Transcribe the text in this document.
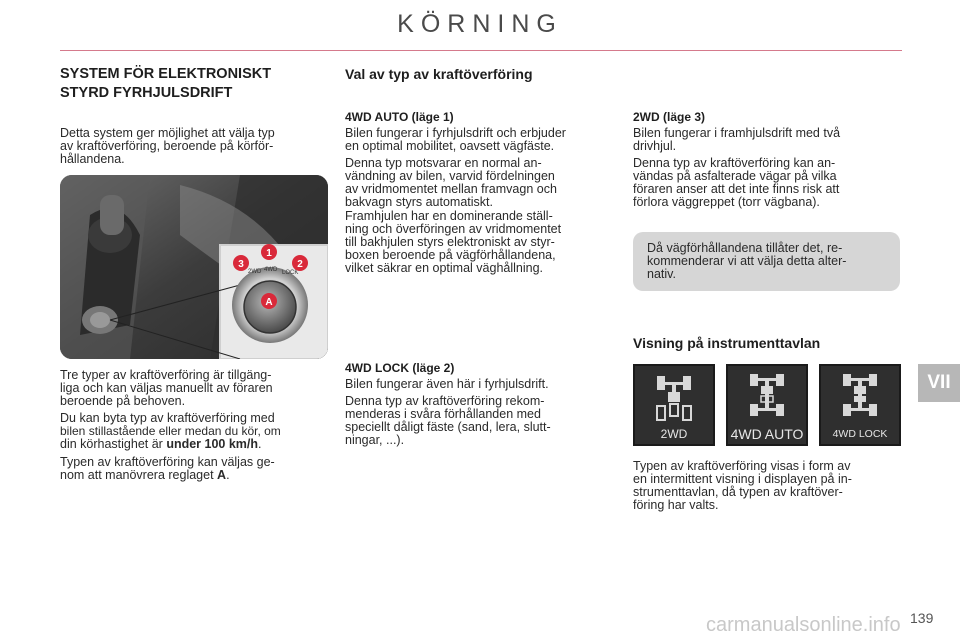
KÖRNING
VII
SYSTEM FÖR ELEKTRONISKT
STYRD FYRHJULSDRIFT
Detta system ger möjlighet att välja typ
av kraftöverföring, beroende på körför-
hållandena.
2WD 4WD LOCK
1
2
3
A
Tre typer av kraftöverföring är tillgäng-
liga och kan väljas manuellt av föraren
beroende på behoven.
Du kan byta typ av kraftöverföring med
bilen stillastående eller medan du kör, om
din körhastighet är under 100 km/h.
Typen av kraftöverföring kan väljas ge-
nom att manövrera reglaget A.
Val av typ av kraftöverföring
4WD AUTO (läge 1)
Bilen fungerar i fyrhjulsdrift och erbjuder
en optimal mobilitet, oavsett vägfäste.
Denna typ motsvarar en normal an-
vändning av bilen, varvid fördelningen
av vridmomentet mellan framvagn och
bakvagn styrs automatiskt.
Framhjulen har en dominerande ställ-
ning och överföringen av vridmomentet
till bakhjulen styrs elektroniskt av styr-
boxen beroende på vägförhållandena,
vilket säkrar en optimal väghållning.
4WD LOCK (läge 2)
Bilen fungerar även här i fyrhjulsdrift.
Denna typ av kraftöverföring rekom-
menderas i svåra förhållanden med
speciellt dåligt fäste (sand, lera, slutt-
ningar, ...).
2WD (läge 3)
Bilen fungerar i framhjulsdrift med två
drivhjul.
Denna typ av kraftöverföring kan an-
vändas på asfalterade vägar på vilka
föraren anser att det inte finns risk att
förlora väggreppet (torr vägbana).
Då vägförhållandena tillåter det, re-
kommenderar vi att välja detta alter-
nativ.
Visning på instrumenttavlan
2WD	4WD AUTO	4WD LOCK
Typen av kraftöverföring visas i form av
en intermittent visning i displayen på in-
strumenttavlan, då typen av kraftöver-
föring har valts.
139
carmanualsonline.info
